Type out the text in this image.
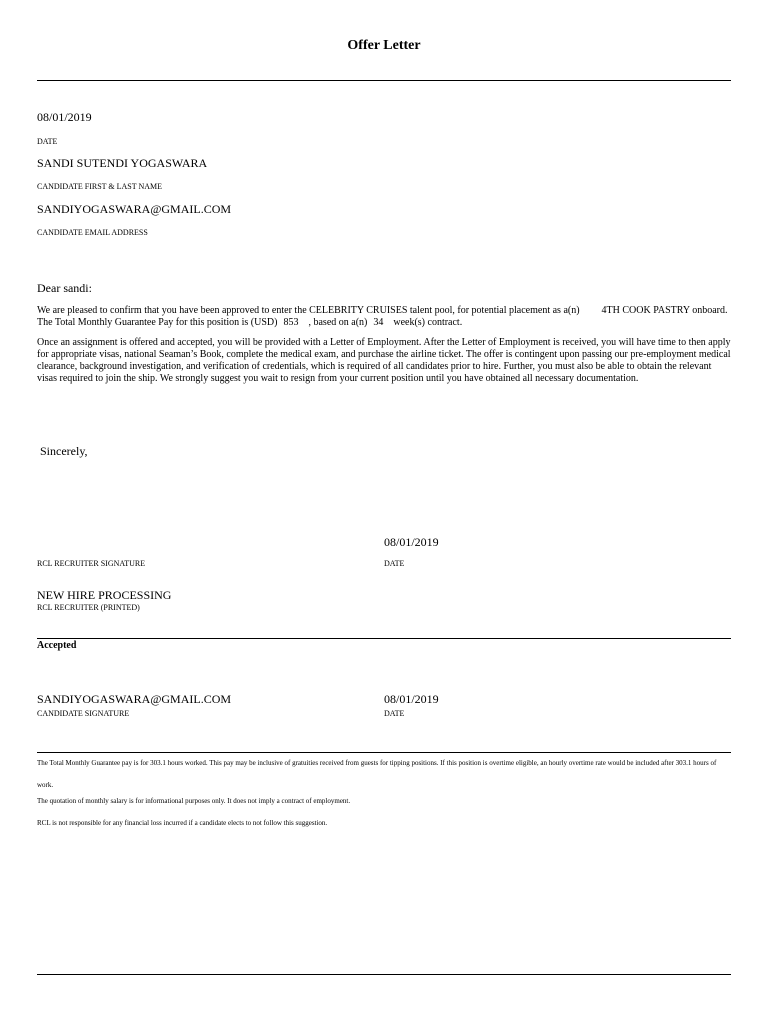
Offer Letter
08/01/2019
DATE
SANDI SUTENDI YOGASWARA
CANDIDATE FIRST & LAST NAME
SANDIYOGASWARA@GMAIL.COM
CANDIDATE EMAIL ADDRESS
Dear sandi:
We are pleased to confirm that you have been approved to enter the CELEBRITY CRUISES talent pool, for potential placement as a(n) 4TH COOK PASTRY onboard. The Total Monthly Guarantee Pay for this position is (USD) 853 , based on a(n) 34 week(s) contract.
Once an assignment is offered and accepted, you will be provided with a Letter of Employment. After the Letter of Employment is received, you will have time to then apply for appropriate visas, national Seaman’s Book, complete the medical exam, and purchase the airline ticket. The offer is contingent upon passing our pre-employment medical clearance, background investigation, and verification of credentials, which is required of all candidates prior to hire. Further, you must also be able to obtain the relevant visas required to join the ship. We strongly suggest you wait to resign from your current position until you have obtained all necessary documentation.
Sincerely,
08/01/2019
RCL RECRUITER SIGNATURE	DATE
NEW HIRE PROCESSING
RCL RECRUITER (PRINTED)
Accepted
SANDIYOGASWARA@GMAIL.COM	08/01/2019
CANDIDATE SIGNATURE	DATE
The Total Monthly Guarantee pay is for 303.1 hours worked. This pay may be inclusive of gratuities received from guests for tipping positions. If this position is overtime eligible, an hourly overtime rate would be included after 303.1 hours of work.
The quotation of monthly salary is for informational purposes only. It does not imply a contract of employment.
RCL is not responsible for any financial loss incurred if a candidate elects to not follow this suggestion.
